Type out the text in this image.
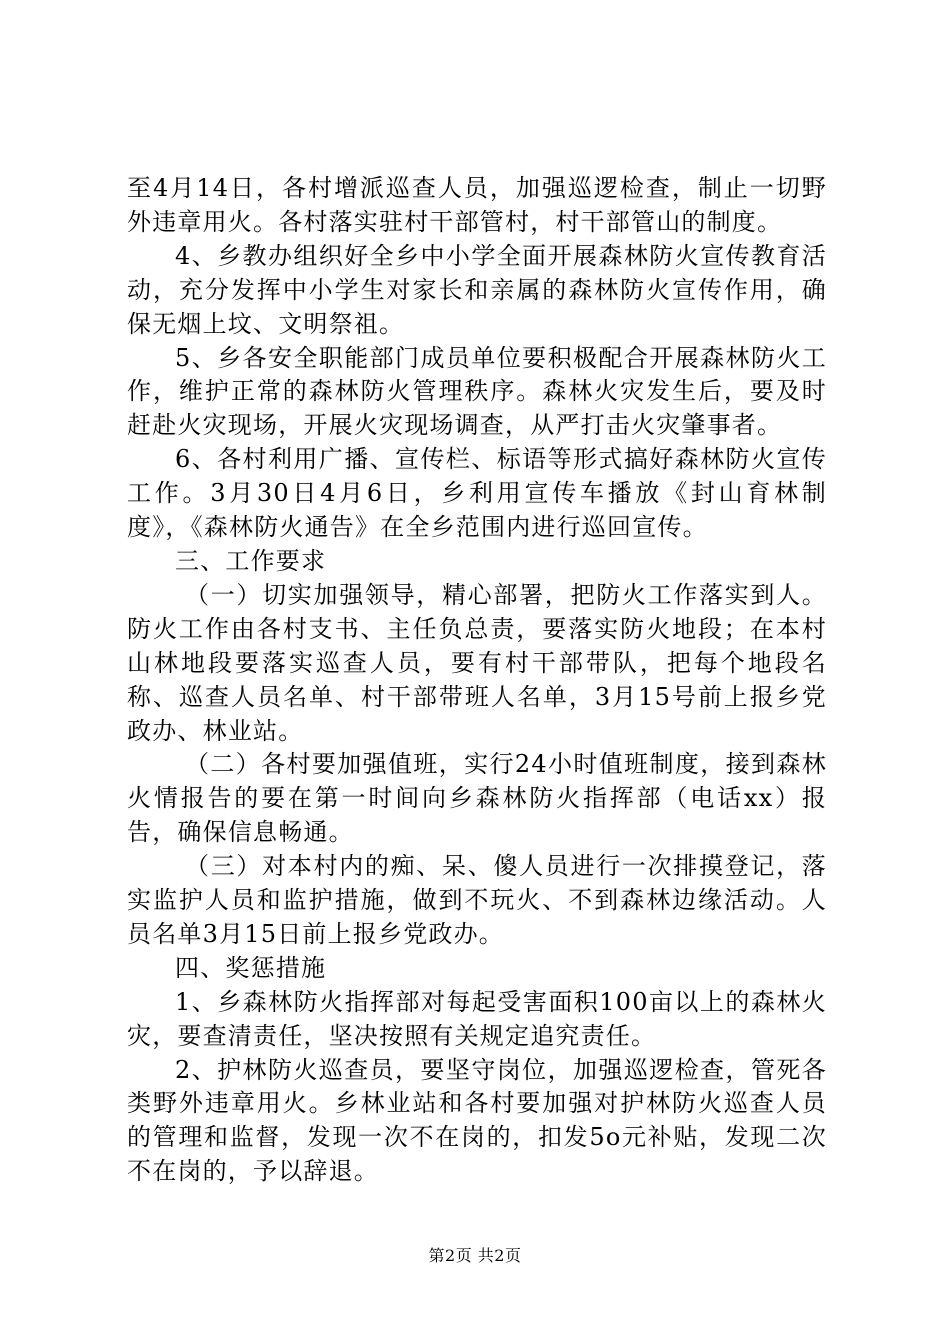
至4月14日，各村增派巡查人员，加强巡逻检查，制止一切野外违章用火。各村落实驻村干部管村，村干部管山的制度。

4、乡教办组织好全乡中小学全面开展森林防火宣传教育活动，充分发挥中小学生对家长和亲属的森林防火宣传作用，确保无烟上坟、文明祭祖。

5、乡各安全职能部门成员单位要积极配合开展森林防火工作，维护正常的森林防火管理秩序。森林火灾发生后，要及时赶赴火灾现场，开展火灾现场调查，从严打击火灾肇事者。

6、各村利用广播、宣传栏、标语等形式搞好森林防火宣传工作。3月30日4月6日，乡利用宣传车播放《封山育林制度》，《森林防火通告》在全乡范围内进行巡回宣传。

三、工作要求

（一）切实加强领导，精心部署，把防火工作落实到人。防火工作由各村支书、主任负总责，要落实防火地段；在本村山林地段要落实巡查人员，要有村干部带队，把每个地段名称、巡查人员名单、村干部带班人名单，3月15号前上报乡党政办、林业站。

（二）各村要加强值班，实行24小时值班制度，接到森林火情报告的要在第一时间向乡森林防火指挥部（电话xx）报告，确保信息畅通。

（三）对本村内的痴、呆、傻人员进行一次排摸登记，落实监护人员和监护措施，做到不玩火、不到森林边缘活动。人员名单3月15日前上报乡党政办。

四、奖惩措施

1、乡森林防火指挥部对每起受害面积100亩以上的森林火灾，要查清责任，坚决按照有关规定追究责任。

2、护林防火巡查员，要坚守岗位，加强巡逻检查，管死各类野外违章用火。乡林业站和各村要加强对护林防火巡查人员的管理和监督，发现一次不在岗的，扣发5o元补贴，发现二次不在岗的，予以辞退。

第2页 共2页
